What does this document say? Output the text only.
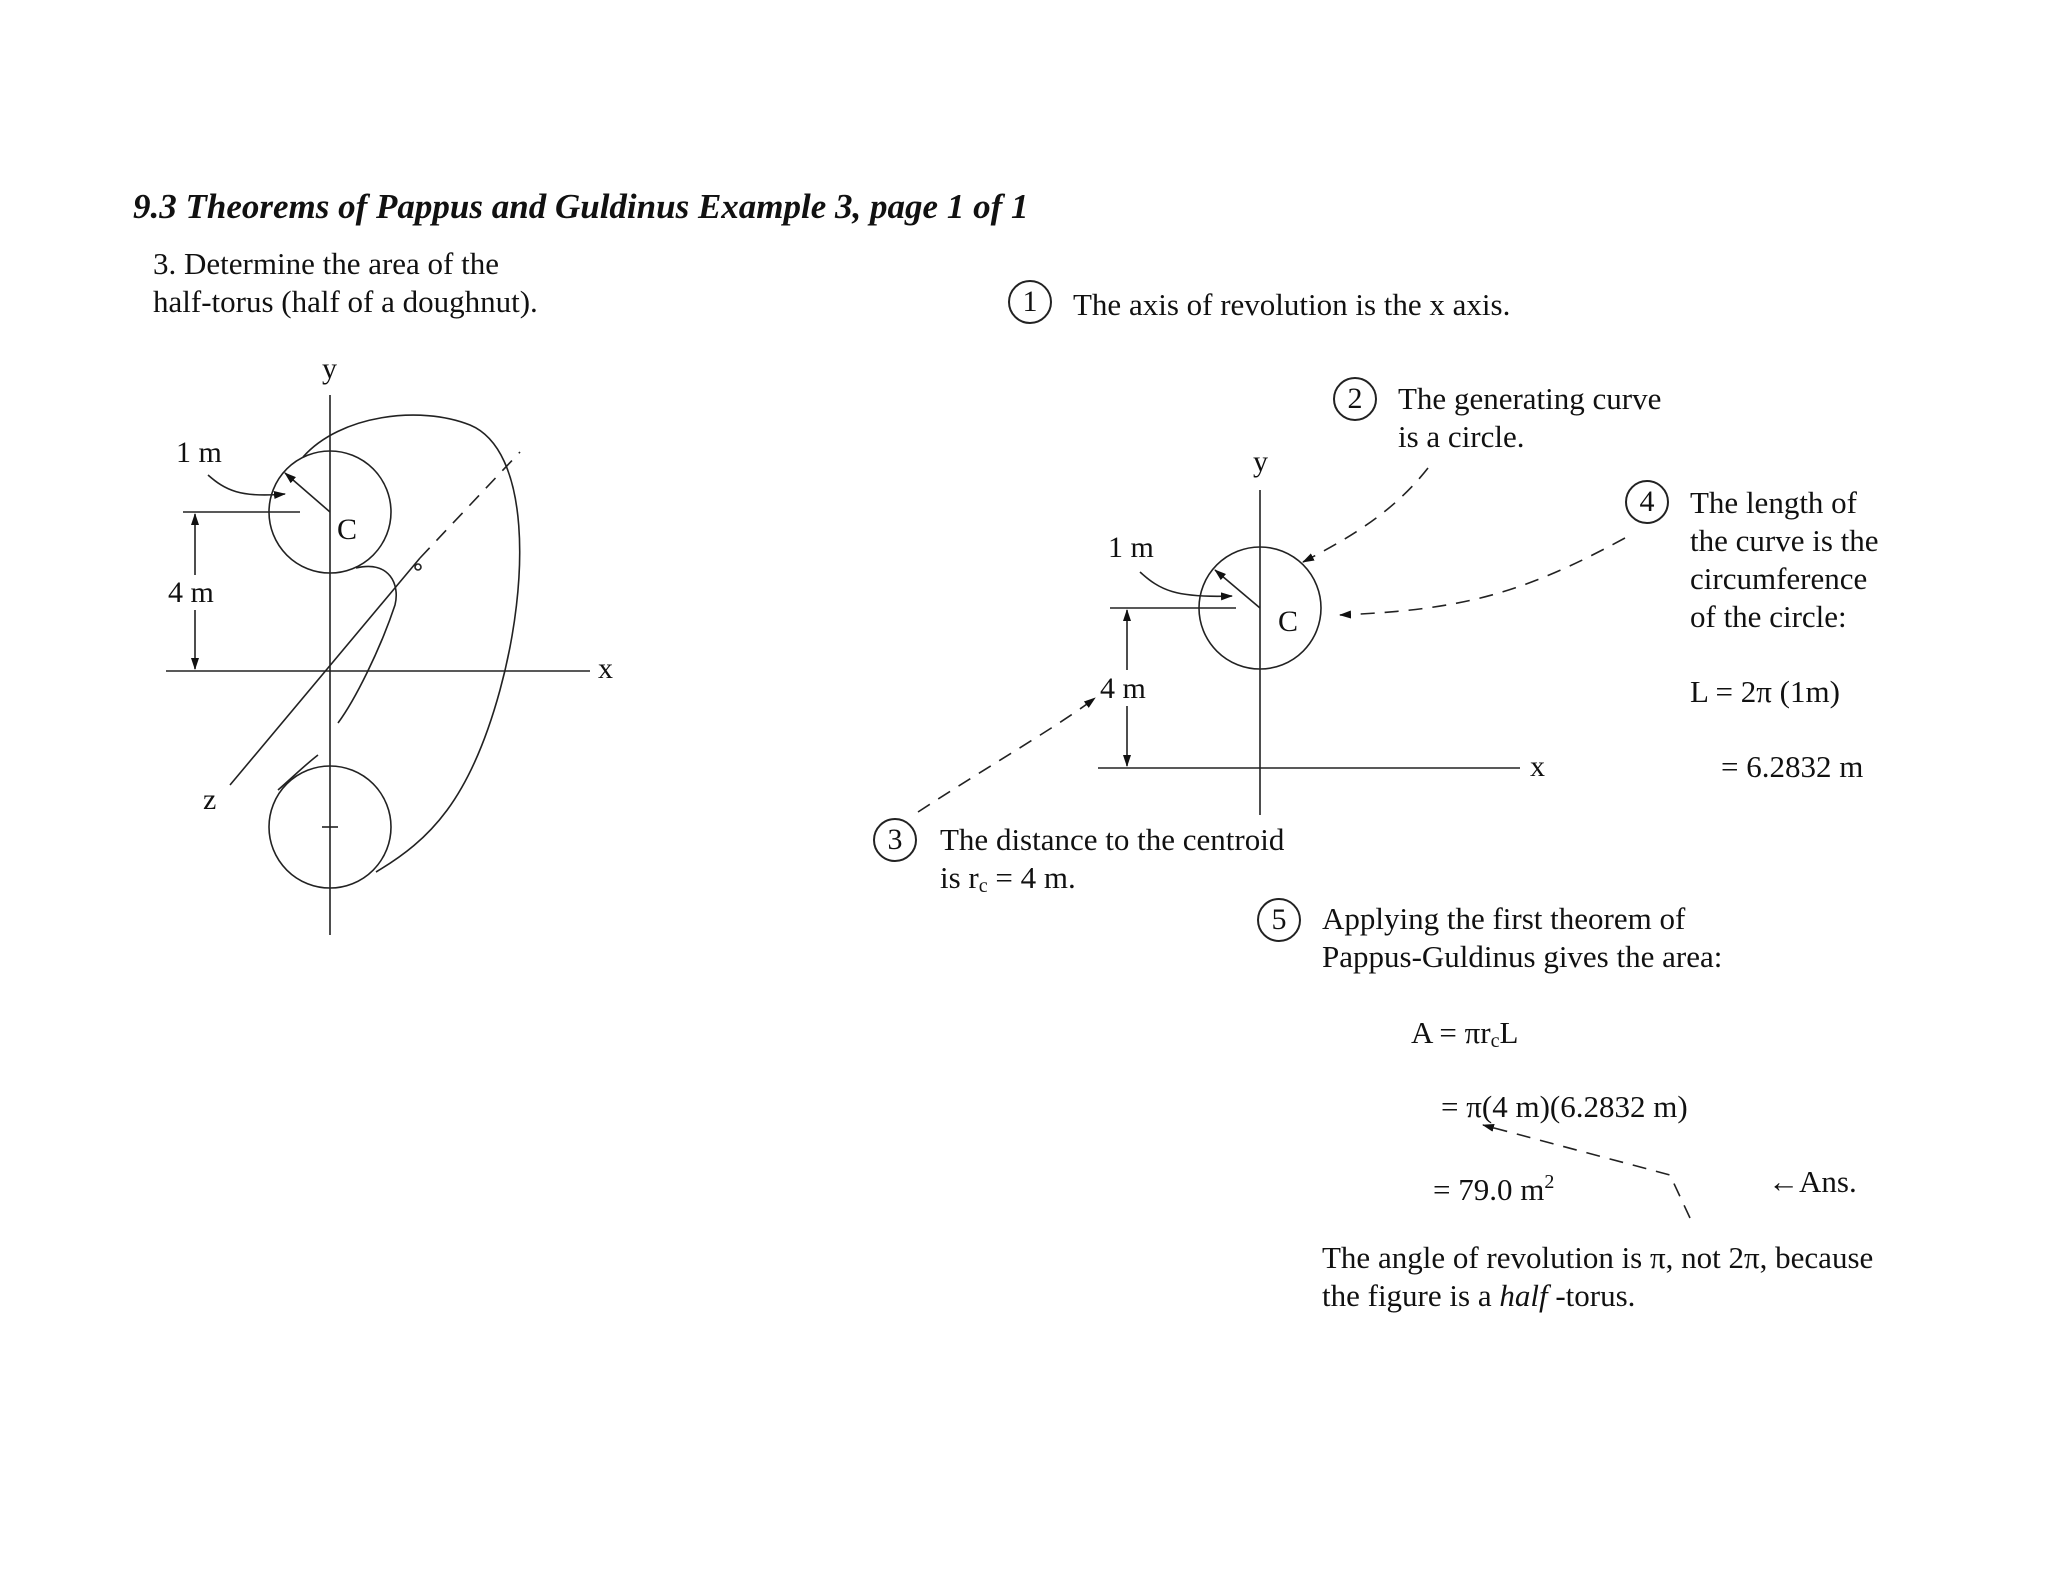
9.3 Theorems of Pappus and Guldinus Example 3, page 1 of 1
3. Determine the area of the
half-torus (half of a doughnut).
y
x
z
1 m
4 m
C
y
x
1 m
4 m
C
1	The axis of revolution is the x axis.
2	The generating curve
is a circle.
3	The distance to the centroid
is $r_c = 4$ m.
4	The length of
the curve is the
circumference
of the circle:
L = 2π (1m)
= 6.2832 m
5	Applying the first theorem of
Pappus-Guldinus gives the area:
$A = \pi r_cL$
= π(4 m)(6.2832 m)
= 79.0 $m^2$	←Ans.
The angle of revolution is π, not 2π, because
the figure is a half -torus.
